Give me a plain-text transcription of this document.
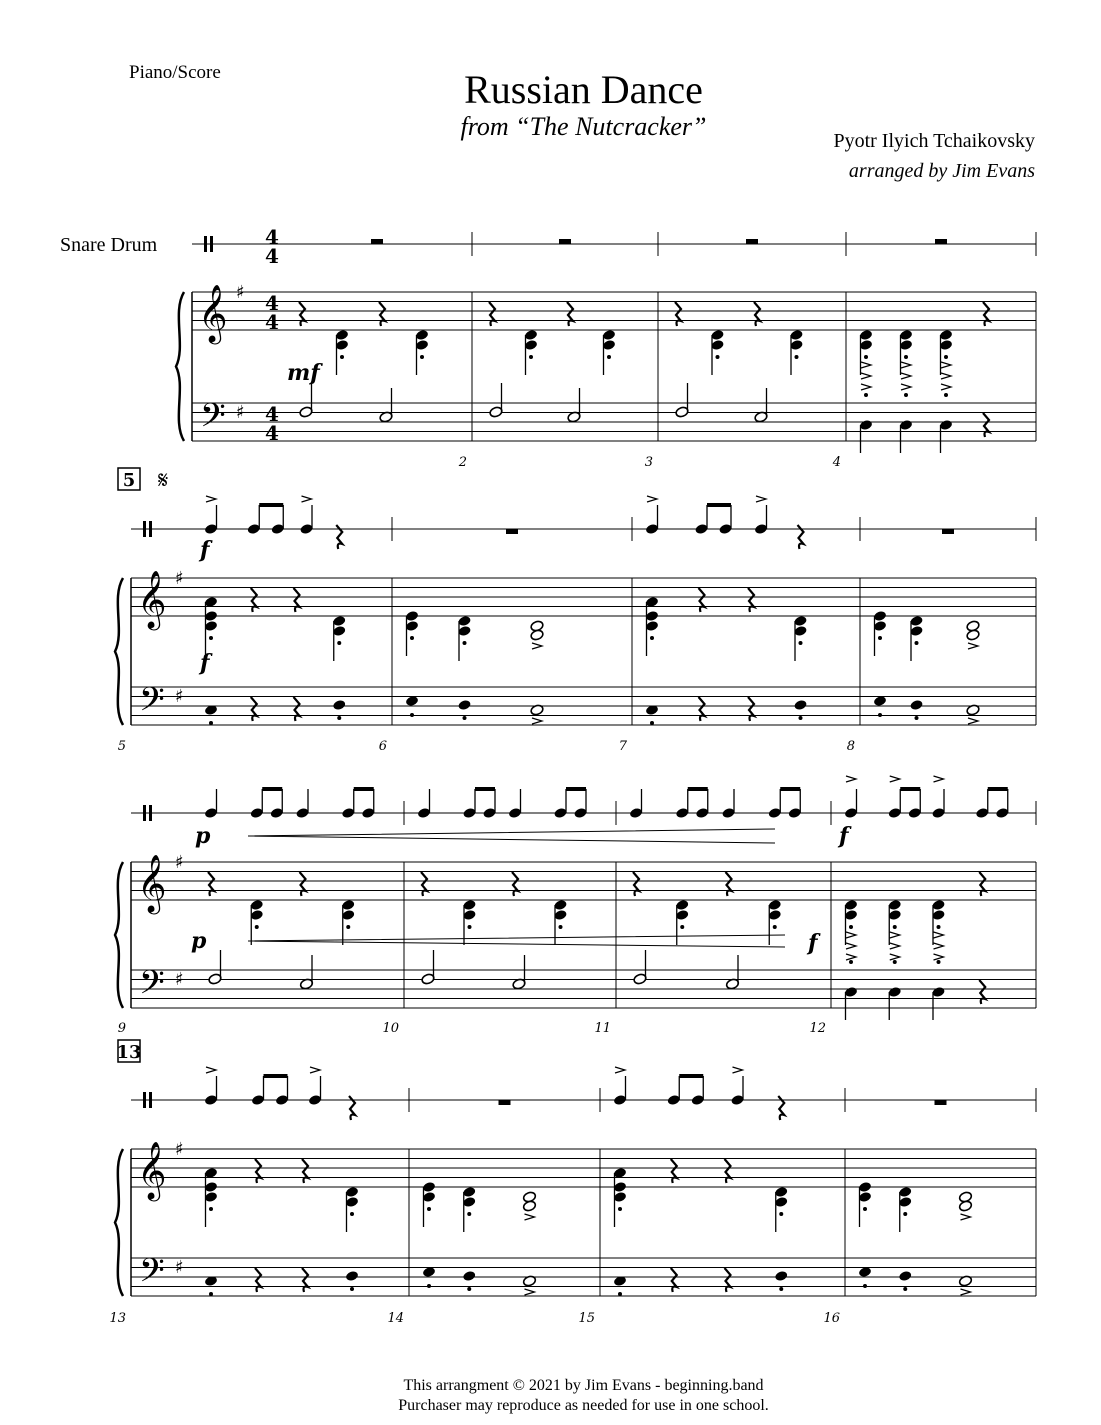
Piano/Score	Russian Dance
from “The Nutcracker”	Pyotr Ilyich Tchaikovsky
arranged by Jim Evans
Snare Drum
This arrangment © 2021 by Jim Evans - beginning.band
Purchaser may reproduce as needed for use in one school.
𝄞
𝄢
♯
♯
4
4
4
4
4
4
2	3	4
𝄞
𝄢
♯
♯
5	6	7	8
𝄞
𝄢
♯
♯
9	10	11	12
𝄞
𝄢
♯
♯
13	14	15	16
5
13
𝄋
mf
f
f
p	f
p	f
